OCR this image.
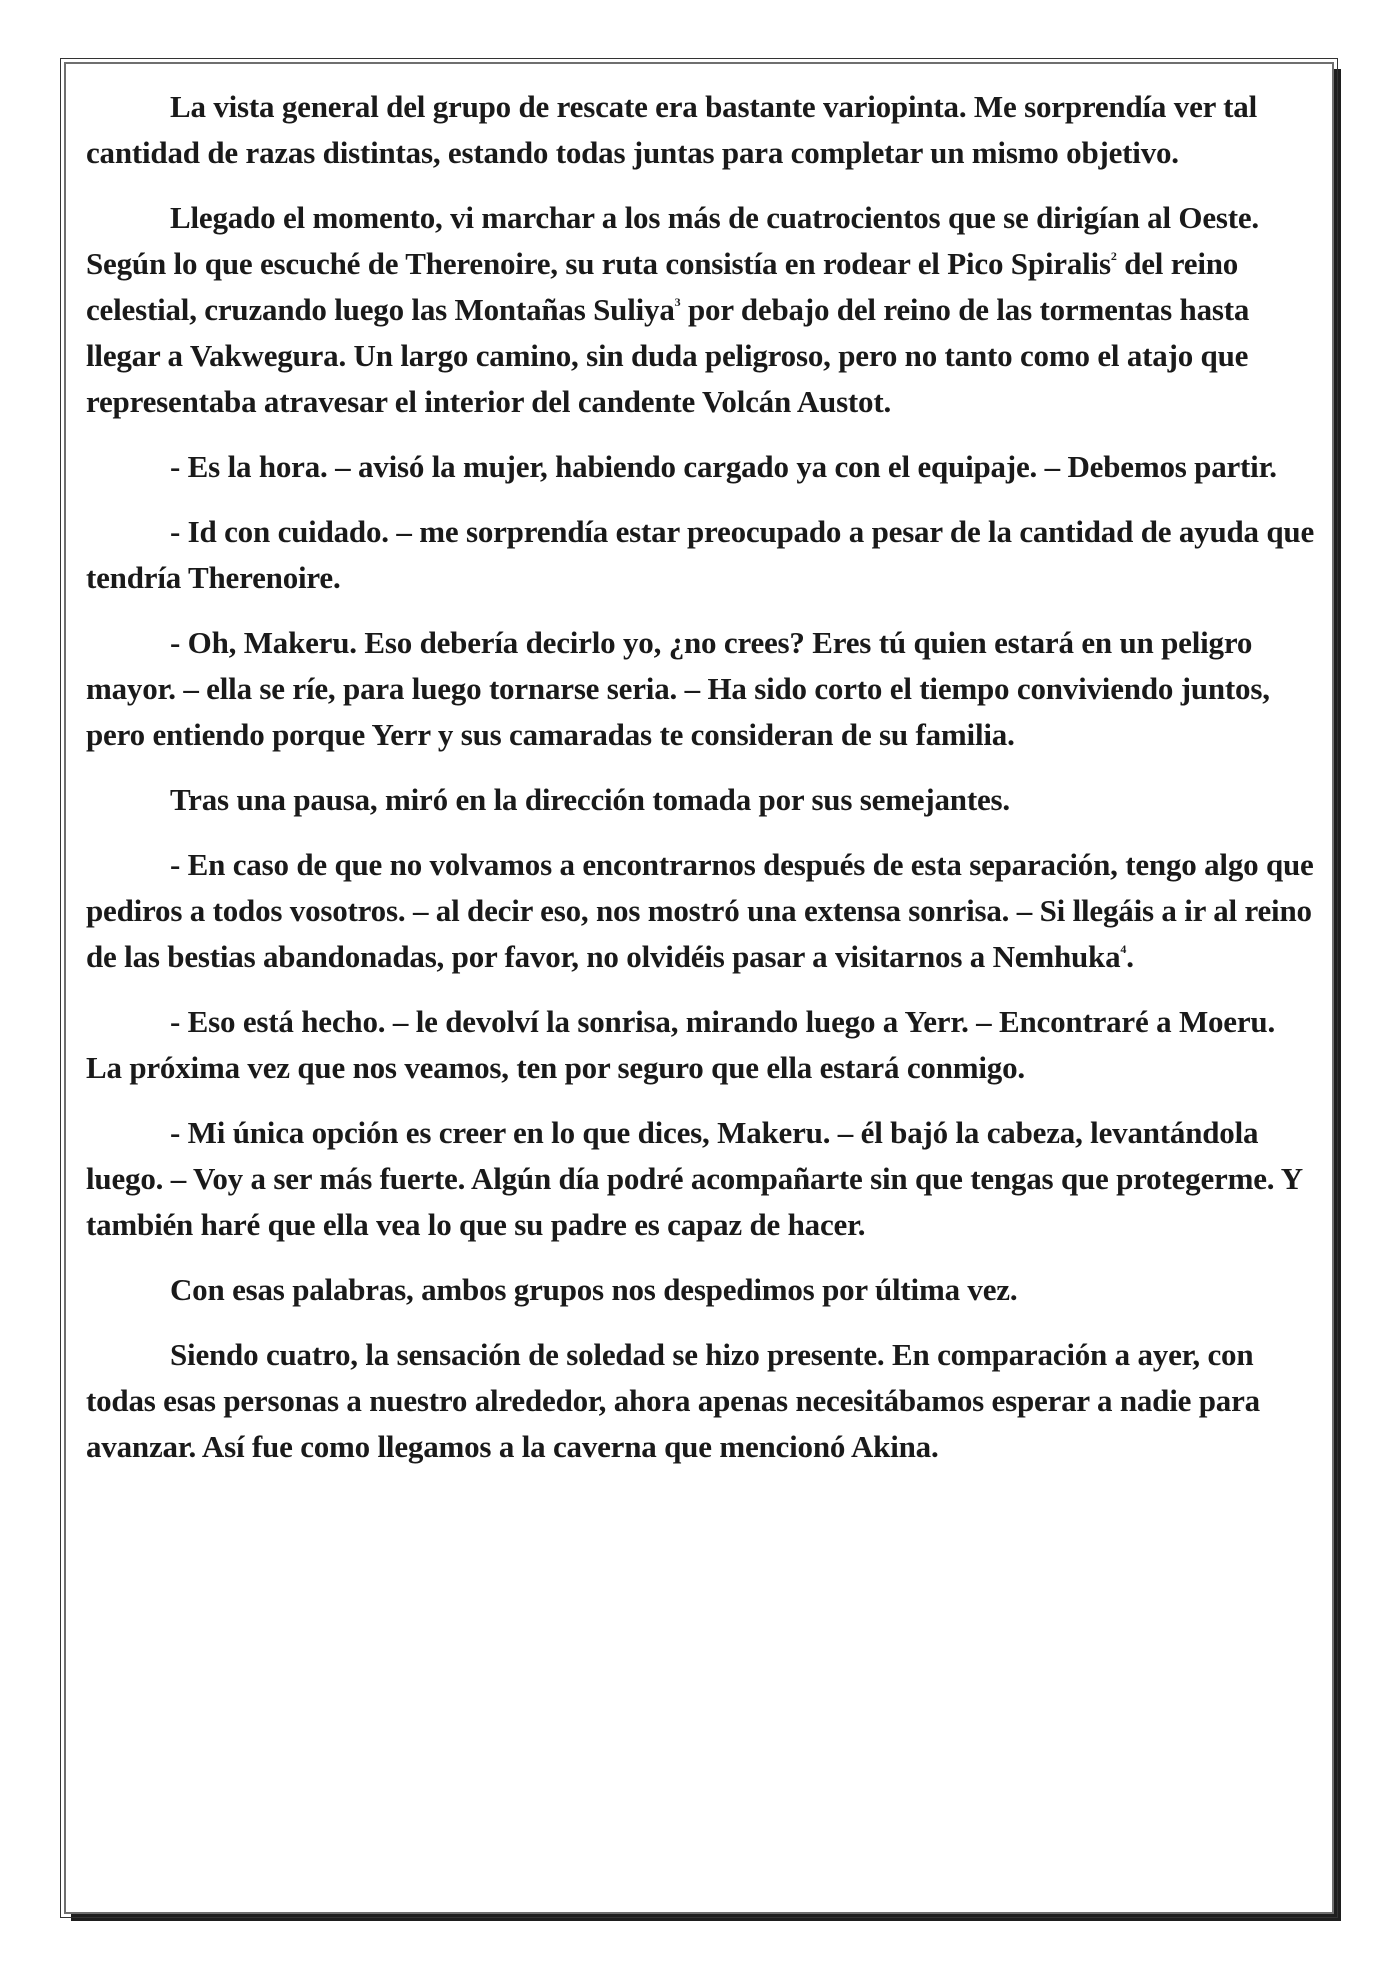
La vista general del grupo de rescate era bastante variopinta. Me sorprendía ver tal cantidad de razas distintas, estando todas juntas para completar un mismo objetivo.

Llegado el momento, vi marchar a los más de cuatrocientos que se dirigían al Oeste. Según lo que escuché de Therenoire, su ruta consistía en rodear el Pico Spiralis$^2$ del reino celestial, cruzando luego las Montañas Suliya$^3$ por debajo del reino de las tormentas hasta llegar a Vakwegura. Un largo camino, sin duda peligroso, pero no tanto como el atajo que representaba atravesar el interior del candente Volcán Austot.

- Es la hora. – avisó la mujer, habiendo cargado ya con el equipaje. – Debemos partir.

- Id con cuidado. – me sorprendía estar preocupado a pesar de la cantidad de ayuda que tendría Therenoire.

- Oh, Makeru. Eso debería decirlo yo, ¿no crees? Eres tú quien estará en un peligro mayor. – ella se ríe, para luego tornarse seria. – Ha sido corto el tiempo conviviendo juntos, pero entiendo porque Yerr y sus camaradas te consideran de su familia.

Tras una pausa, miró en la dirección tomada por sus semejantes.

- En caso de que no volvamos a encontrarnos después de esta separación, tengo algo que pediros a todos vosotros. – al decir eso, nos mostró una extensa sonrisa. – Si llegáis a ir al reino de las bestias abandonadas, por favor, no olvidéis pasar a visitarnos a Nemhuka$^4$.

- Eso está hecho. – le devolví la sonrisa, mirando luego a Yerr. – Encontraré a Moeru. La próxima vez que nos veamos, ten por seguro que ella estará conmigo.

- Mi única opción es creer en lo que dices, Makeru. – él bajó la cabeza, levantándola luego. – Voy a ser más fuerte. Algún día podré acompañarte sin que tengas que protegerme. Y también haré que ella vea lo que su padre es capaz de hacer.

Con esas palabras, ambos grupos nos despedimos por última vez.

Siendo cuatro, la sensación de soledad se hizo presente. En comparación a ayer, con todas esas personas a nuestro alrededor, ahora apenas necesitábamos esperar a nadie para avanzar. Así fue como llegamos a la caverna que mencionó Akina.
